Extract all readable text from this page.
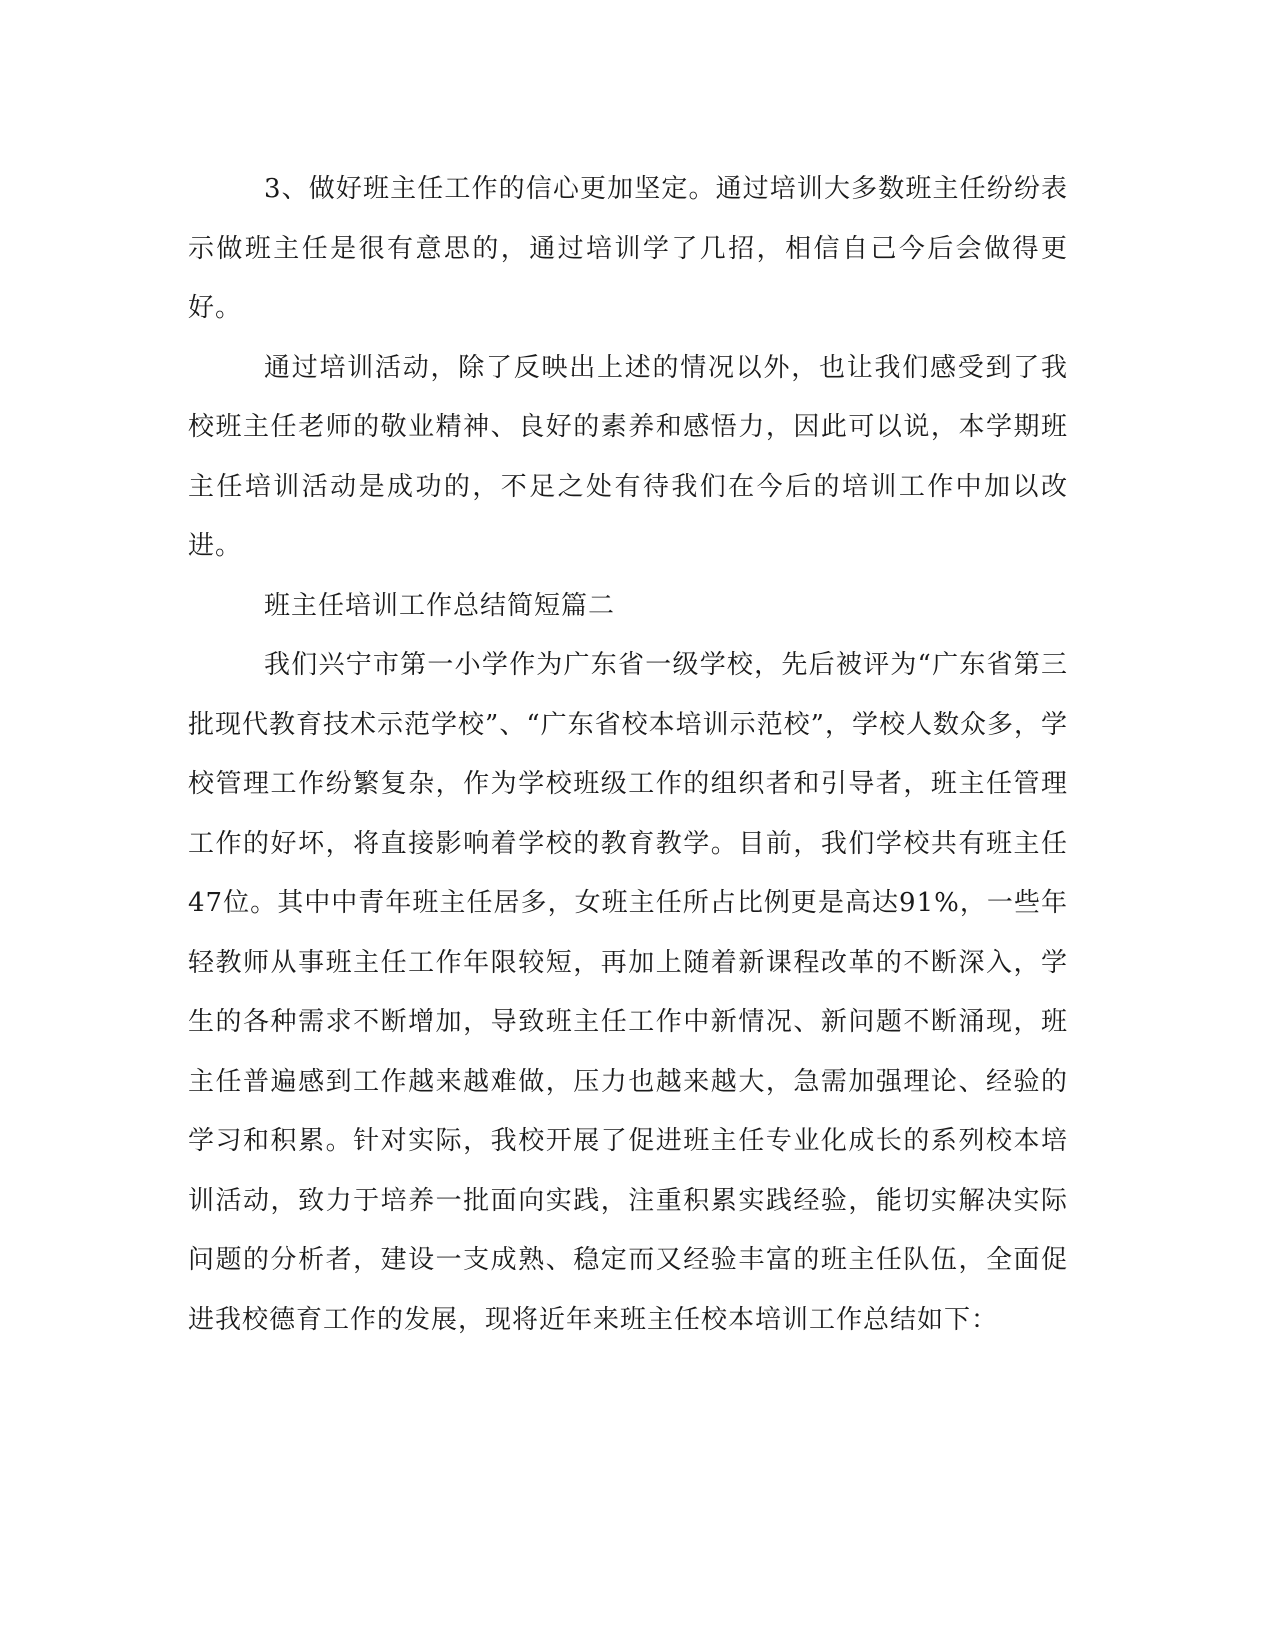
3、做好班主任工作的信心更加坚定。通过培训大多数班主任纷纷表示做班主任是很有意思的，通过培训学了几招，相信自己今后会做得更好。

通过培训活动，除了反映出上述的情况以外，也让我们感受到了我校班主任老师的敬业精神、良好的素养和感悟力，因此可以说，本学期班主任培训活动是成功的，不足之处有待我们在今后的培训工作中加以改进。

班主任培训工作总结简短篇二

我们兴宁市第一小学作为广东省一级学校，先后被评为“广东省第三批现代教育技术示范学校”、“广东省校本培训示范校”，学校人数众多，学校管理工作纷繁复杂，作为学校班级工作的组织者和引导者，班主任管理工作的好坏，将直接影响着学校的教育教学。目前，我们学校共有班主任47位。其中中青年班主任居多，女班主任所占比例更是高达91%，一些年轻教师从事班主任工作年限较短，再加上随着新课程改革的不断深入，学生的各种需求不断增加，导致班主任工作中新情况、新问题不断涌现，班主任普遍感到工作越来越难做，压力也越来越大，急需加强理论、经验的学习和积累。针对实际，我校开展了促进班主任专业化成长的系列校本培训活动，致力于培养一批面向实践，注重积累实践经验，能切实解决实际问题的分析者，建设一支成熟、稳定而又经验丰富的班主任队伍，全面促进我校德育工作的发展，现将近年来班主任校本培训工作总结如下：
